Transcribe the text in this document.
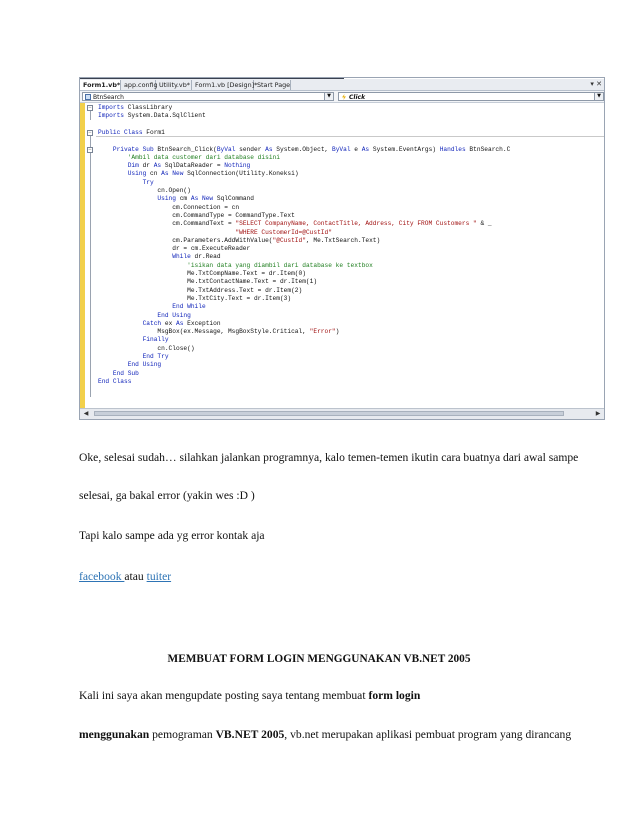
Form1.vb* app.config Utility.vb* Form1.vb [Design]* Start Page	▾ ✕
BtnSearch	▼	Click	▼
−
−
−
Imports ClassLibrary
Imports System.Data.SqlClient
Public Class Form1
Private Sub BtnSearch_Click(ByVal sender As System.Object, ByVal e As System.EventArgs) Handles BtnSearch.C
'Ambil data customer dari database disini
Dim dr As SqlDataReader = Nothing
Using cn As New SqlConnection(Utility.Koneksi)
Try
cn.Open()
Using cm As New SqlCommand
cm.Connection = cn
cm.CommandType = CommandType.Text
cm.CommandText = "SELECT CompanyName, ContactTitle, Address, City FROM Customers " & _
"WHERE CustomerId=@CustId"
cm.Parameters.AddWithValue("@CustId", Me.TxtSearch.Text)
dr = cm.ExecuteReader
While dr.Read
'isikan data yang diambil dari database ke textbox
Me.TxtCompName.Text = dr.Item(0)
Me.txtContactName.Text = dr.Item(1)
Me.TxtAddress.Text = dr.Item(2)
Me.TxtCity.Text = dr.Item(3)
End While
End Using
Catch ex As Exception
MsgBox(ex.Message, MsgBoxStyle.Critical, "Error")
Finally
cn.Close()
End Try
End Using
End Sub
End Class
◀	▶
Oke, selesai sudah… silahkan jalankan programnya, kalo temen-temen ikutin cara buatnya dari awal sampe
selesai, ga bakal error (yakin wes :D )
Tapi kalo sampe ada yg error kontak aja
facebook atau tuiter
MEMBUAT FORM LOGIN MENGGUNAKAN VB.NET 2005
Kali ini saya akan mengupdate posting saya tentang membuat form login
menggunakan pemograman VB.NET 2005, vb.net merupakan aplikasi pembuat program yang dirancang
